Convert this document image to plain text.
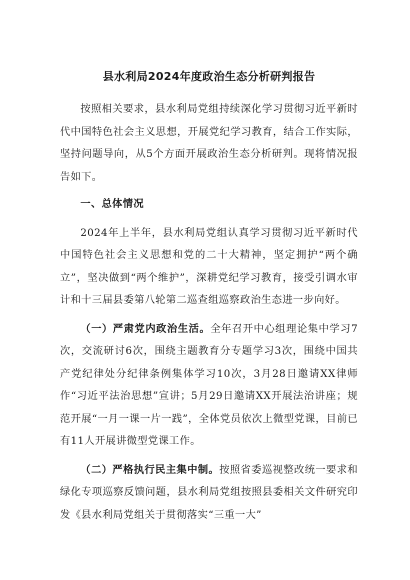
县水利局2024年度政治生态分析研判报告

按照相关要求，县水利局党组持续深化学习贯彻习近平新时代中国特色社会主义思想，开展党纪学习教育，结合工作实际，坚持问题导向，从5个方面开展政治生态分析研判。现将情况报告如下。

一、总体情况

2024年上半年，县水利局党组认真学习贯彻习近平新时代中国特色社会主义思想和党的二十大精神，坚定拥护“两个确立”，坚决做到“两个维护”，深耕党纪学习教育，接受引调水审计和十三届县委第八轮第二巡查组巡察政治生态进一步向好。

（一）严肃党内政治生活。全年召开中心组理论集中学习7次，交流研讨6次，围绕主题教育分专题学习3次，围绕中国共产党纪律处分纪律条例集体学习10次，3月28日邀请XX律师作“习近平法治思想”宣讲；5月29日邀请XX开展法治讲座；规范开展“一月一课一片一践”，全体党员依次上微型党课，目前已有11人开展讲微型党课工作。

（二）严格执行民主集中制。按照省委巡视整改统一要求和绿化专项巡察反馈问题，县水利局党组按照县委相关文件研究印发《县水利局党组关于贯彻落实“三重一大”
